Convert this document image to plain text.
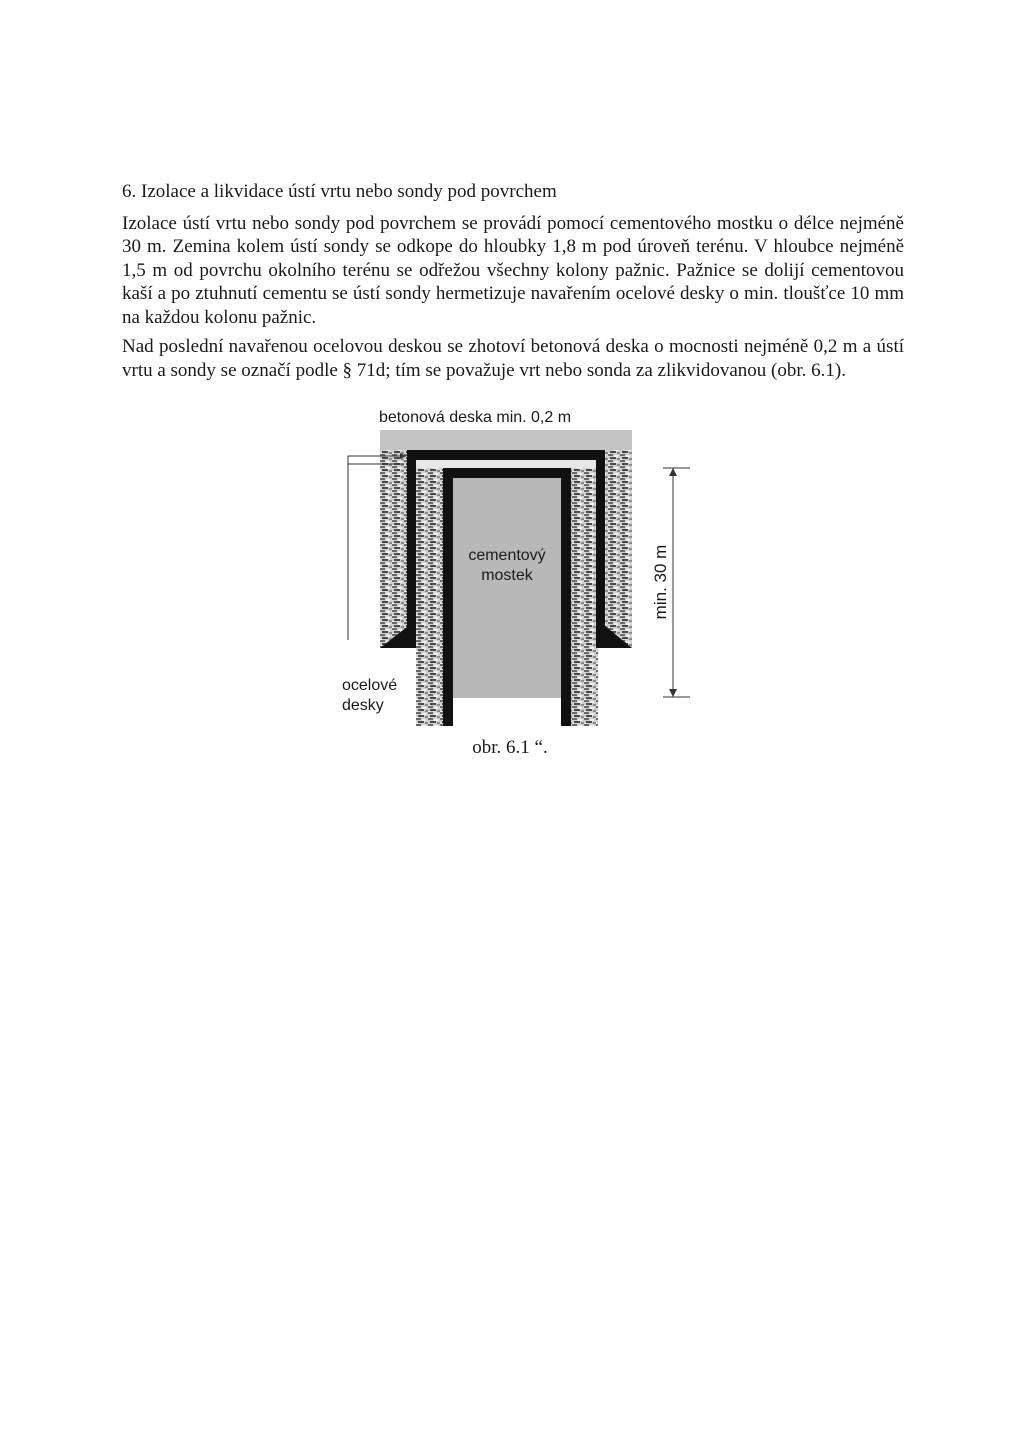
6. Izolace a likvidace ústí vrtu nebo sondy pod povrchem

Izolace ústí vrtu nebo sondy pod povrchem se provádí pomocí cementového mostku o délce nejméně 30 m. Zemina kolem ústí sondy se odkope do hloubky 1,8 m pod úroveň terénu. V hloubce nejméně 1,5 m od povrchu okolního terénu se odřežou všechny kolony pažnic. Pažnice se dolijí cementovou kaší a po ztuhnutí cementu se ústí sondy hermetizuje navařením ocelové desky o min. tloušťce 10 mm na každou kolonu pažnic.

Nad poslední navařenou ocelovou deskou se zhotoví betonová deska o mocnosti nejméně 0,2 m a ústí vrtu a sondy se označí podle § 71d; tím se považuje vrt nebo sonda za zlikvidovanou (obr. 6.1).

betonová deska min. 0,2 m
cementový
mostek	min. 30 m
ocelové
desky
obr. 6.1 “.
